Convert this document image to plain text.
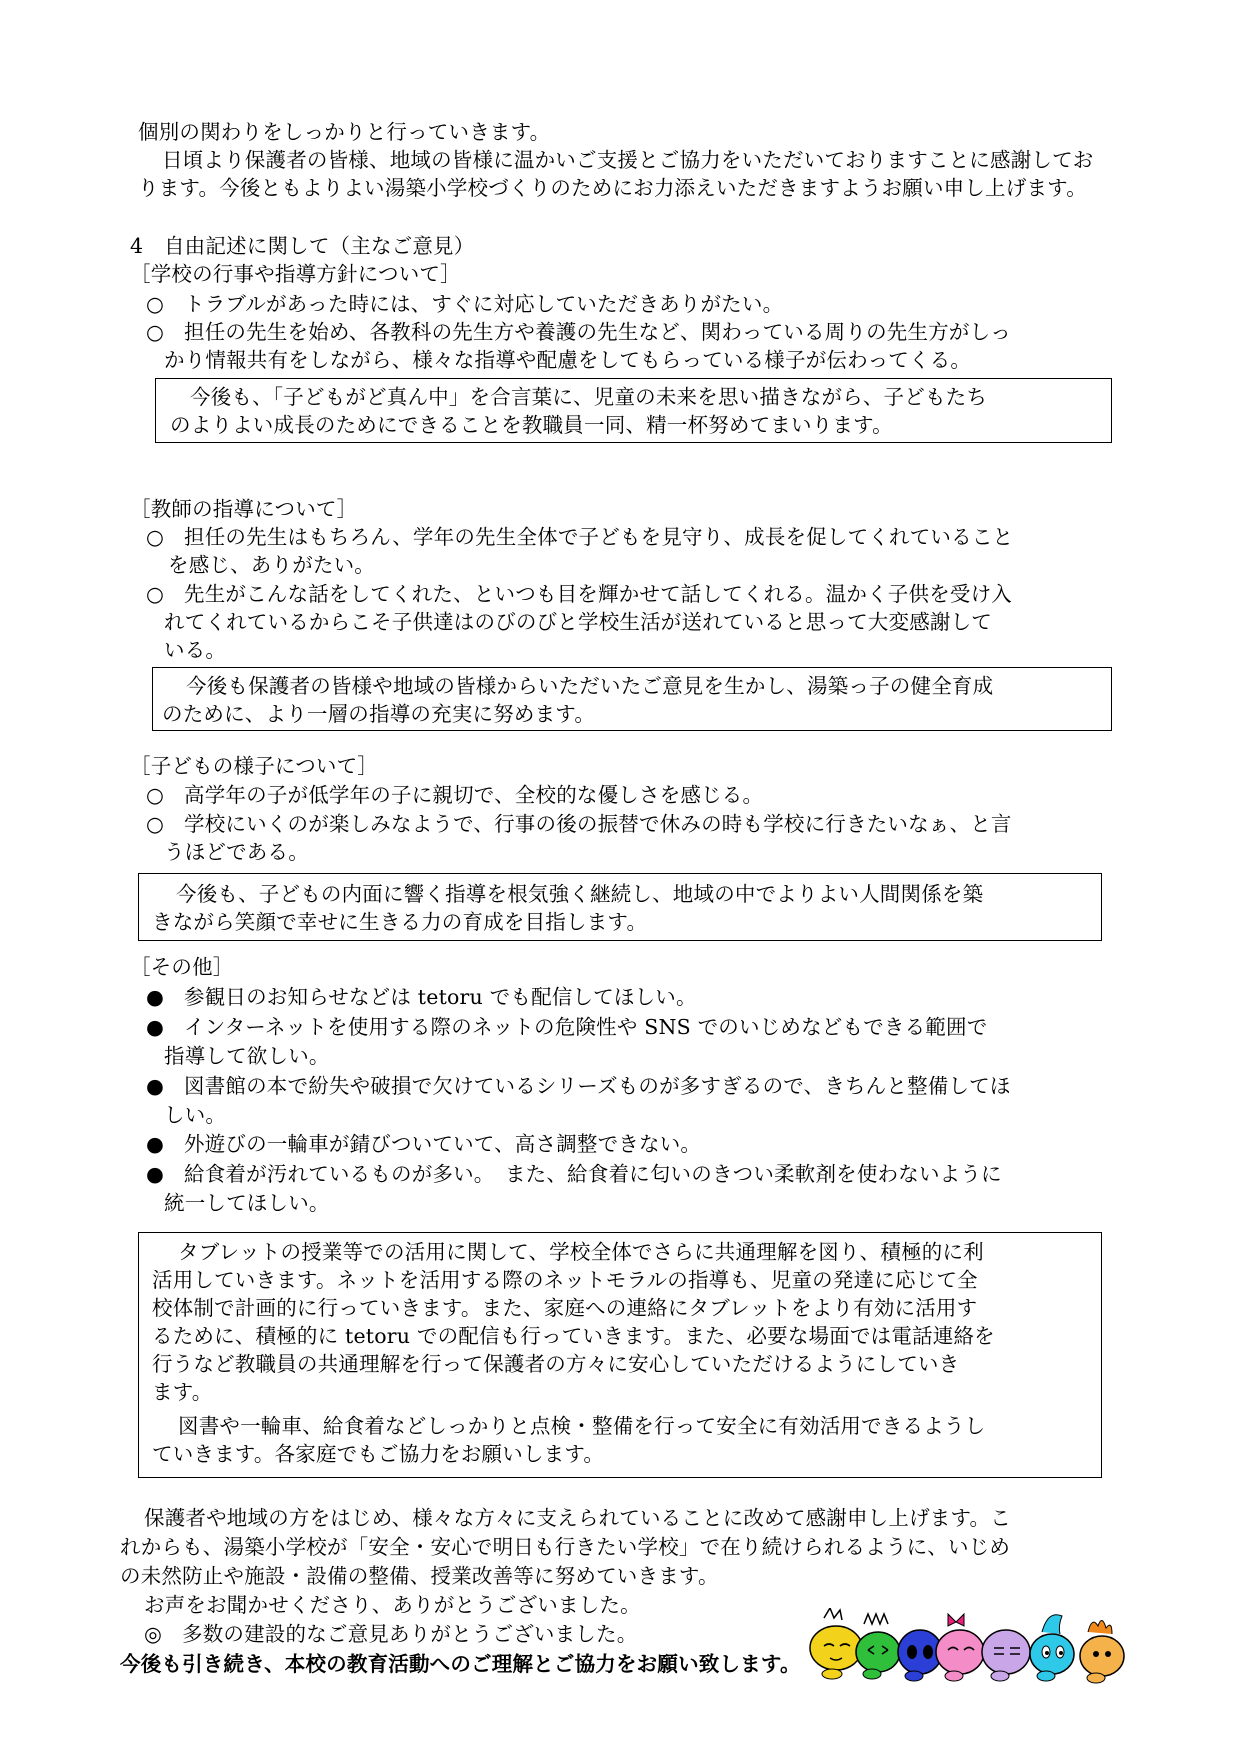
個別の関わりをしっかりと行っていきます。
日頃より保護者の皆様、地域の皆様に温かいご支援とご協力をいただいておりますことに感謝してお
ります。今後ともよりよい湯築小学校づくりのためにお力添えいただきますようお願い申し上げます。
4　自由記述に関して（主なご意見）
［学校の行事や指導方針について］
○ トラブルがあった時には、すぐに対応していただきありがたい。
○ 担任の先生を始め、各教科の先生方や養護の先生など、関わっている周りの先生方がしっ
かり情報共有をしながら、様々な指導や配慮をしてもらっている様子が伝わってくる。
今後も、「子どもがど真ん中」を合言葉に、児童の未来を思い描きながら、子どもたち
のよりよい成長のためにできることを教職員一同、精一杯努めてまいります。
［教師の指導について］
○ 担任の先生はもちろん、学年の先生全体で子どもを見守り、成長を促してくれていること
を感じ、ありがたい。
○ 先生がこんな話をしてくれた、といつも目を輝かせて話してくれる。温かく子供を受け入
れてくれているからこそ子供達はのびのびと学校生活が送れていると思って大変感謝して
いる。
今後も保護者の皆様や地域の皆様からいただいたご意見を生かし、湯築っ子の健全育成
のために、より一層の指導の充実に努めます。
［子どもの様子について］
○ 高学年の子が低学年の子に親切で、全校的な優しさを感じる。
○ 学校にいくのが楽しみなようで、行事の後の振替で休みの時も学校に行きたいなぁ、と言
うほどである。
今後も、子どもの内面に響く指導を根気強く継続し、地域の中でよりよい人間関係を築
きながら笑顔で幸せに生きる力の育成を目指します。
［その他］
● 参観日のお知らせなどは tetoru でも配信してほしい。
● インターネットを使用する際のネットの危険性や SNS でのいじめなどもできる範囲で
指導して欲しい。
● 図書館の本で紛失や破損で欠けているシリーズものが多すぎるので、きちんと整備してほ
しい。
● 外遊びの一輪車が錆びついていて、高さ調整できない。
● 給食着が汚れているものが多い。　また、給食着に匂いのきつい柔軟剤を使わないように
統一してほしい。
タブレットの授業等での活用に関して、学校全体でさらに共通理解を図り、積極的に利
活用していきます。ネットを活用する際のネットモラルの指導も、児童の発達に応じて全
校体制で計画的に行っていきます。また、家庭への連絡にタブレットをより有効に活用す
るために、積極的に tetoru での配信も行っていきます。また、必要な場面では電話連絡を
行うなど教職員の共通理解を行って保護者の方々に安心していただけるようにしていき
ます。
図書や一輪車、給食着などしっかりと点検・整備を行って安全に有効活用できるようし
ていきます。各家庭でもご協力をお願いします。
保護者や地域の方をはじめ、様々な方々に支えられていることに改めて感謝申し上げます。こ
れからも、湯築小学校が「安全・安心で明日も行きたい学校」で在り続けられるように、いじめ
の未然防止や施設・設備の整備、授業改善等に努めていきます。
お声をお聞かせくださり、ありがとうございました。
◎ 多数の建設的なご意見ありがとうございました。
今後も引き続き、本校の教育活動へのご理解とご協力をお願い致します。
